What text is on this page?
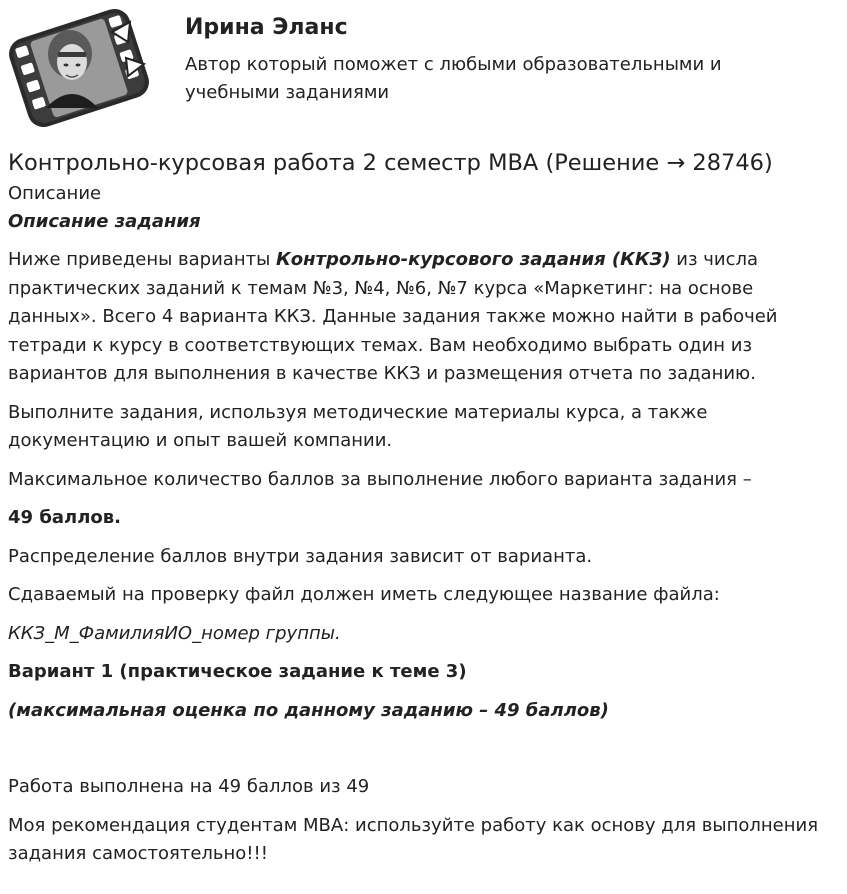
Ирина Эланс

Автор который поможет с любыми образовательными и учебными заданиями

Контрольно-курсовая работа 2 семестр МВА (Решение → 28746)

Описание

Описание задания

Ниже приведены варианты Контрольно-курсового задания (ККЗ) из числа практических заданий к темам №3, №4, №6, №7 курса «Маркетинг: на основе данных». Всего 4 варианта ККЗ. Данные задания также можно найти в рабочей тетради к курсу в соответствующих темах. Вам необходимо выбрать один из вариантов для выполнения в качестве ККЗ и размещения отчета по заданию.

Выполните задания, используя методические материалы курса, а также документацию и опыт вашей компании.

Максимальное количество баллов за выполнение любого варианта задания –

49 баллов.

Распределение баллов внутри задания зависит от варианта.

Сдаваемый на проверку файл должен иметь следующее название файла:

ККЗ_М_ФамилияИО_номер группы.

Вариант 1 (практическое задание к теме 3)

(максимальная оценка по данному заданию – 49 баллов)

Работа выполнена на 49 баллов из 49

Моя рекомендация студентам МВА: используйте работу как основу для выполнения задания самостоятельно!!!
